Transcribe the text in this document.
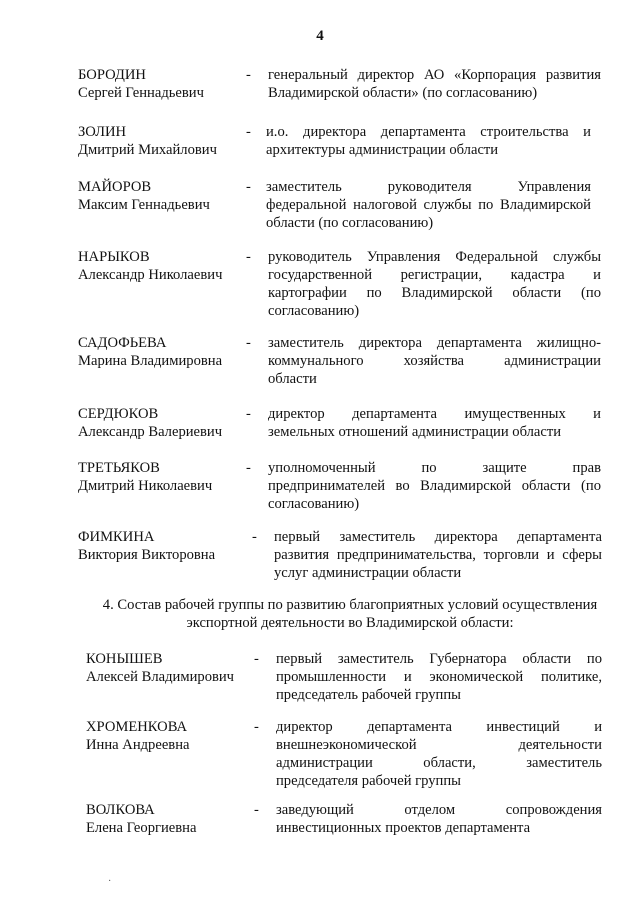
4
БОРОДИН
Сергей Геннадьевич
- генеральный директор АО «Корпорация развития
Владимирской области» (по согласованию)
ЗОЛИН
Дмитрий Михайлович
- и.о. директора департамента строительства и
архитектуры администрации области
МАЙОРОВ
Максим Геннадьевич
- заместитель руководителя Управления
федеральной налоговой службы по Владимирской
области (по согласованию)
НАРЫКОВ
Александр Николаевич
- руководитель Управления Федеральной службы
государственной регистрации, кадастра и
картографии по Владимирской области (по
согласованию)
САДОФЬЕВА
Марина Владимировна
- заместитель директора департамента жилищно-
коммунального хозяйства администрации
области
СЕРДЮКОВ
Александр Валериевич
- директор департамента имущественных и
земельных отношений администрации области
ТРЕТЬЯКОВ
Дмитрий Николаевич
- уполномоченный по защите прав
предпринимателей во Владимирской области (по
согласованию)
ФИМКИНА
Виктория Викторовна
- первый заместитель директора департамента
развития предпринимательства, торговли и сферы
услуг администрации области
4. Состав рабочей группы по развитию благоприятных условий осуществления
экспортной деятельности во Владимирской области:
КОНЫШЕВ
Алексей Владимирович
- первый заместитель Губернатора области по
промышленности и экономической политике,
председатель рабочей группы
ХРОМЕНКОВА
Инна Андреевна
- директор департамента инвестиций и
внешнеэкономической деятельности
администрации области, заместитель
председателя рабочей группы
ВОЛКОВА
Елена Георгиевна
- заведующий отделом сопровождения
инвестиционных проектов департамента
·
